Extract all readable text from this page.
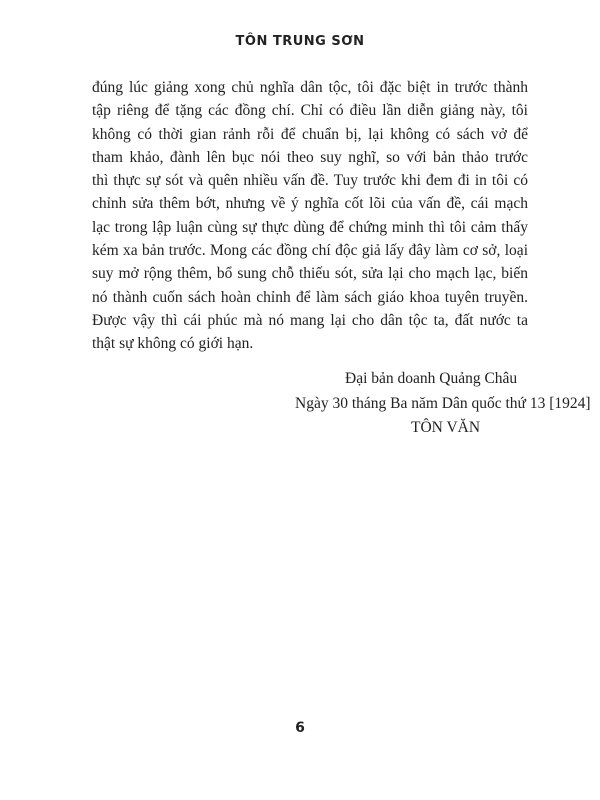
TÔN TRUNG SƠN
đúng lúc giảng xong chủ nghĩa dân tộc, tôi đặc biệt in trước thành
tập riêng để tặng các đồng chí. Chỉ có điều lần diễn giảng này, tôi
không có thời gian rảnh rỗi để chuẩn bị, lại không có sách vở để
tham khảo, đành lên bục nói theo suy nghĩ, so với bản thảo trước
thì thực sự sót và quên nhiều vấn đề. Tuy trước khi đem đi in tôi có
chỉnh sửa thêm bớt, nhưng về ý nghĩa cốt lõi của vấn đề, cái mạch
lạc trong lập luận cùng sự thực dùng để chứng minh thì tôi cảm thấy
kém xa bản trước. Mong các đồng chí độc giả lấy đây làm cơ sở, loại
suy mở rộng thêm, bổ sung chỗ thiếu sót, sửa lại cho mạch lạc, biến
nó thành cuốn sách hoàn chỉnh để làm sách giáo khoa tuyên truyền.
Được vậy thì cái phúc mà nó mang lại cho dân tộc ta, đất nước ta
thật sự không có giới hạn.
Đại bản doanh Quảng Châu
Ngày 30 tháng Ba năm Dân quốc thứ 13 [1924]
TÔN VĂN
6
